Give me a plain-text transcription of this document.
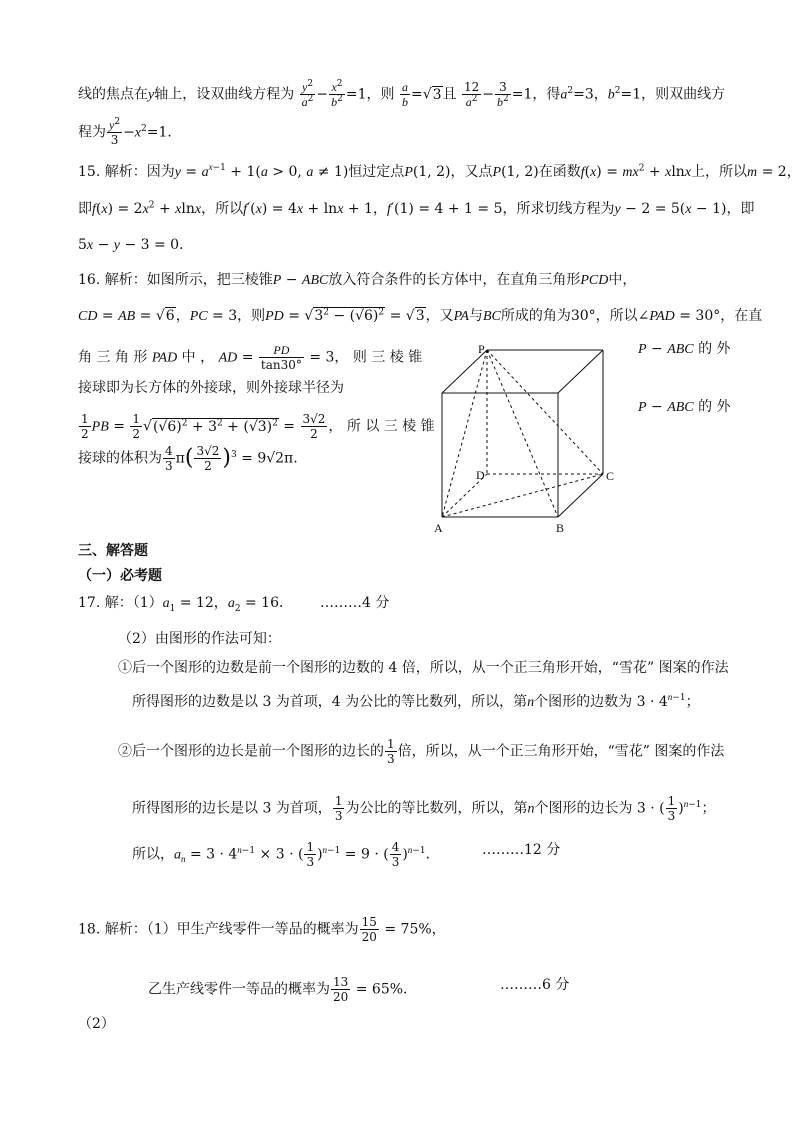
线的焦点在y轴上，设双曲线方程为 $\frac{y^2}{a^2} - \frac{x^2}{b^2} =1$，则 $\frac{a}{b} =√3$且 $\frac{12}{a^2} - \frac{3}{b^2} =1$，得$a^2=3$，$b^2=1$，则双曲线方
程为 $\frac{y^2}{3} -x^2=1$．
15. 解析：因为$y = a^{x-1} + 1(a > 0$, a ≠ 1)恒过定点P(1, 2)，又点P(1, 2)在函数$f(x) = mx^2 + xlnx$上，所以m = 2，
即$f(x) = 2x^2 + xlnx$，所以f′(x) = 4x + lnx + 1，f′(1) = 4 + 1 = 5，所求切线方程为y − 2 = 5(x − 1)，即
5x − y − 3 = 0．
16. 解析：如图所示，把三棱锥P − ABC放入符合条件的长方体中，在直角三角形PCD中，
CD = AB = √6，PC = 3，则PD = $√3^2 - (√6)^2 = √3$，又PA与BC所成的角为30°，所以∠PAD = 30°，在直
角 三 角 形 PAD 中 ， AD = $\frac{PD}{\tan 30^\circ} = 3$， 则 三 棱 锥
接球即为长方体的外接球，则外接球半径为
$\frac{1}{2}$ PB = $\frac{1}{2} √(√6)^2 + 3^2 + (√3)^2 = \frac{3√2}{2}$ ， 所 以 三 棱 锥
接球的体积为 $\frac{4}{3} \pi( \frac{3√2}{2} )^3 = 9√2\pi$.
P − ABC 的 外
P − ABC 的 外
P
D	C
A	B
三、解答题
（一）必考题
17. 解：$(1)a_1 = 12$，$a_2 = 16$． ………4 分
（2）由图形的作法可知：
①后一个图形的边数是前一个图形的边数的 4 倍，所以，从一个正三角形开始，“雪花” 图案的作法
所得图形的边数是以 3 为首项，4 为公比的等比数列，所以，第n个图形的边数为 $3 \cdot 4^{n-1}$；
②后一个图形的边长是前一个图形的边长的 $\frac{1}{3}$ 倍，所以，从一个正三角形开始，“雪花” 图案的作法
所得图形的边长是以 3 为首项， $\frac{1}{3}$ 为公比的等比数列，所以，第n个图形的边长为 3 · ( $\frac{1}{3} )^{n-1}$；
所以，$a_n = 3 \cdot 4^{n-1} \times 3$ · ( $\frac{1}{3} )^{n-1} = 9$ · ( $\frac{4}{3} )^{n-1}$．	………12 分
18. 解析：（1）甲生产线零件一等品的概率为 $\frac{15}{20} = 75\%$，
乙生产线零件一等品的概率为 $\frac{13}{20} = 65\%$．	………6 分
（2）
